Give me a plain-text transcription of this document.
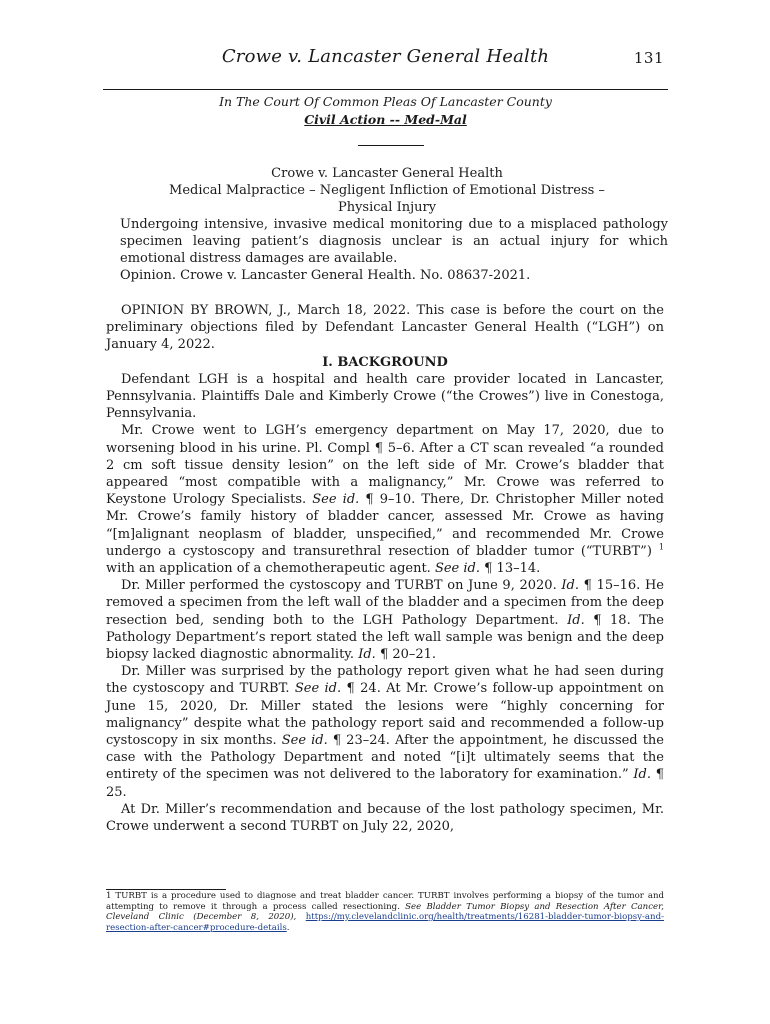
Crowe v. Lancaster General Health	131
In The Court Of Common Pleas Of Lancaster County
Civil Action -- Med-Mal
Crowe v. Lancaster General Health
Medical Malpractice – Negligent Infliction of Emotional Distress –
Physical Injury
Undergoing intensive, invasive medical monitoring due to a misplaced pathology specimen leaving patient’s diagnosis unclear is an actual injury for which emotional distress damages are available.
Opinion. Crowe v. Lancaster General Health. No. 08637-2021.

OPINION BY BROWN, J., March 18, 2022. This case is before the court on the preliminary objections filed by Defendant Lancaster General Health (“LGH”) on January 4, 2022.

I. BACKGROUND

Defendant LGH is a hospital and health care provider located in Lancaster, Pennsylvania. Plaintiffs Dale and Kimberly Crowe (“the Crowes”) live in Conestoga, Pennsylvania.

Mr. Crowe went to LGH’s emergency department on May 17, 2020, due to worsening blood in his urine. Pl. Compl ¶ 5–6. After a CT scan revealed “a rounded 2 cm soft tissue density lesion” on the left side of Mr. Crowe’s bladder that appeared “most compatible with a malignancy,” Mr. Crowe was referred to Keystone Urology Specialists. See id. ¶ 9–10. There, Dr. Christopher Miller noted Mr. Crowe’s family history of bladder cancer, assessed Mr. Crowe as having “[m]alignant neoplasm of bladder, unspecified,” and recommended Mr. Crowe undergo a cystoscopy and transurethral resection of bladder tumor (“TURBT”) $^1$ with an application of a chemotherapeutic agent. See id. ¶ 13–14.

Dr. Miller performed the cystoscopy and TURBT on June 9, 2020. Id. ¶ 15–16. He removed a specimen from the left wall of the bladder and a specimen from the deep resection bed, sending both to the LGH Pathology Department. Id. ¶ 18. The Pathology Department’s report stated the left wall sample was benign and the deep biopsy lacked diagnostic abnormality. Id. ¶ 20–21.

Dr. Miller was surprised by the pathology report given what he had seen during the cystoscopy and TURBT. See id. ¶ 24. At Mr. Crowe’s follow-up appointment on June 15, 2020, Dr. Miller stated the lesions were “highly concerning for malignancy” despite what the pathology report said and recommended a follow-up cystoscopy in six months. See id. ¶ 23–24. After the appointment, he discussed the case with the Pathology Department and noted “[i]t ultimately seems that the entirety of the specimen was not delivered to the laboratory for examination.” Id. ¶ 25.

At Dr. Miller’s recommendation and because of the lost pathology specimen, Mr. Crowe underwent a second TURBT on July 22, 2020,

1 TURBT is a procedure used to diagnose and treat bladder cancer. TURBT involves performing a biopsy of the tumor and attempting to remove it through a process called resectioning. See Bladder Tumor Biopsy and Resection After Cancer, Cleveland Clinic (December 8, 2020), https://my.clevelandclinic.org/health/treatments/16281-bladder-tumor-biopsy-and-resection-after-cancer#procedure-details.
